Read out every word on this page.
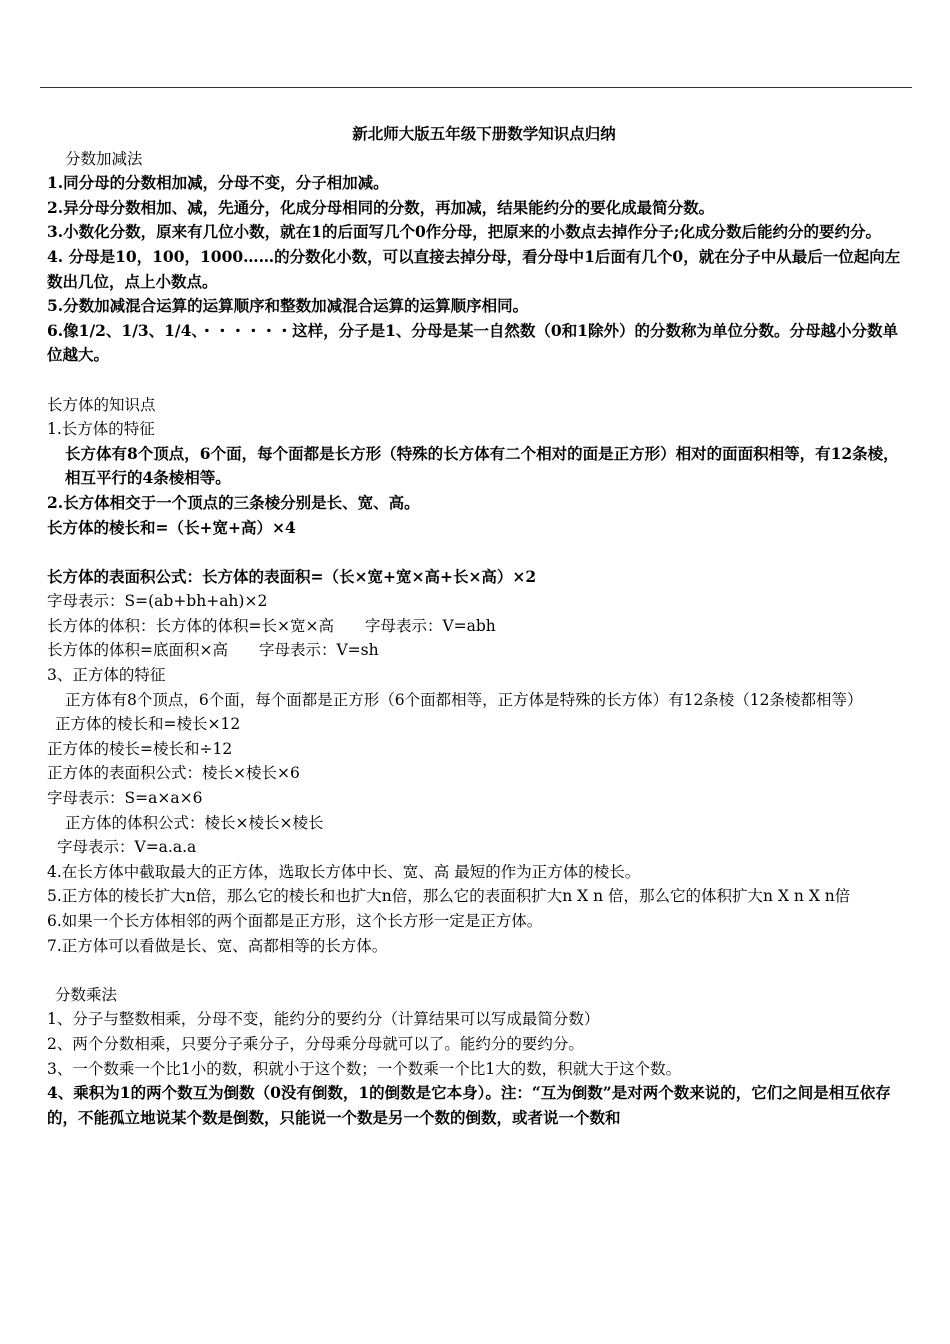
新北师大版五年级下册数学知识点归纳
分数加减法
1.同分母的分数相加减，分母不变，分子相加减。
2.异分母分数相加、减，先通分，化成分母相同的分数，再加减，结果能约分的要化成最简分数。
3.小数化分数，原来有几位小数，就在1的后面写几个0作分母，把原来的小数点去掉作分子;化成分数后能约分的要约分。
4. 分母是10，100，1000……的分数化小数，可以直接去掉分母，看分母中1后面有几个0，就在分子中从最后一位起向左数出几位，点上小数点。
5.分数加减混合运算的运算顺序和整数加减混合运算的运算顺序相同。
6.像1/2、1/3、1/4、・・・・・・这样，分子是1、分母是某一自然数（0和1除外）的分数称为单位分数。分母越小分数单位越大。
长方体的知识点
1.长方体的特征
长方体有8个顶点，6个面，每个面都是长方形（特殊的长方体有二个相对的面是正方形）相对的面面积相等，有12条棱，相互平行的4条棱相等。
2.长方体相交于一个顶点的三条棱分别是长、宽、高。
长方体的棱长和=（长+宽+高）×4
长方体的表面积公式：长方体的表面积=（长×宽+宽×高+长×高）×2
字母表示：S=(ab+bh+ah)×2
长方体的体积：长方体的体积=长×宽×高　　字母表示：V=abh
长方体的体积=底面积×高　　字母表示：V=sh
3、正方体的特征
正方体有8个顶点，6个面，每个面都是正方形（6个面都相等，正方体是特殊的长方体）有12条棱（12条棱都相等）
正方体的棱长和=棱长×12
正方体的棱长=棱长和÷12
正方体的表面积公式：棱长×棱长×6
字母表示：S=a×a×6
正方体的体积公式：棱长×棱长×棱长
字母表示：V=a.a.a
4.在长方体中截取最大的正方体，选取长方体中长、宽、高 最短的作为正方体的棱长。
5.正方体的棱长扩大n倍，那么它的棱长和也扩大n倍，那么它的表面积扩大n X n 倍，那么它的体积扩大n X n X n倍
6.如果一个长方体相邻的两个面都是正方形，这个长方形一定是正方体。
7.正方体可以看做是长、宽、高都相等的长方体。
分数乘法
1、分子与整数相乘，分母不变，能约分的要约分（计算结果可以写成最简分数）
2、两个分数相乘，只要分子乘分子，分母乘分母就可以了。能约分的要约分。
3、一个数乘一个比1小的数，积就小于这个数；一个数乘一个比1大的数，积就大于这个数。
4、乘积为1的两个数互为倒数（0没有倒数，1的倒数是它本身）。注：“互为倒数”是对两个数来说的，它们之间是相互依存的，不能孤立地说某个数是倒数，只能说一个数是另一个数的倒数，或者说一个数和
